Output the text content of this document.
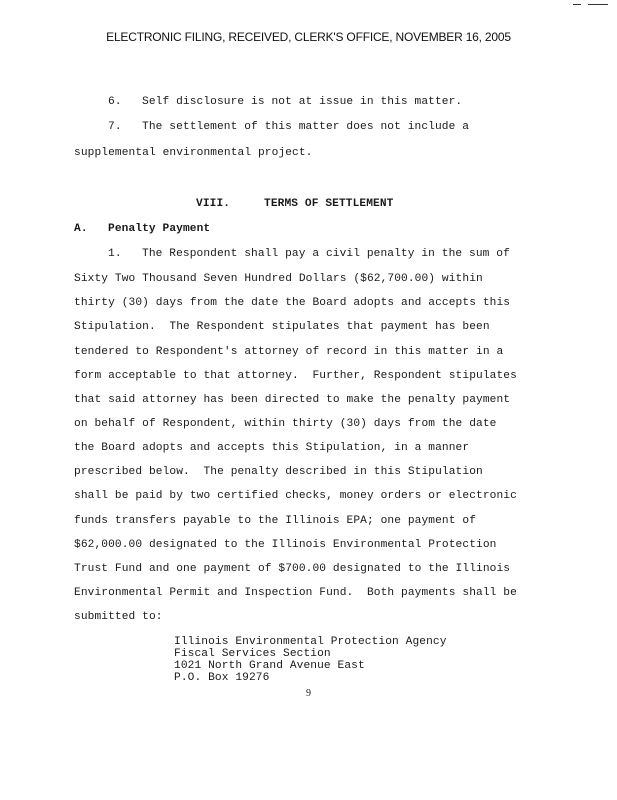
ELECTRONIC FILING, RECEIVED, CLERK'S OFFICE, NOVEMBER 16, 2005
6. Self disclosure is not at issue in this matter.
7. The settlement of this matter does not include a
supplemental environmental project.
VIII.	TERMS OF SETTLEMENT
A. Penalty Payment
1. The Respondent shall pay a civil penalty in the sum of
Sixty Two Thousand Seven Hundred Dollars ($62,700.00) within
thirty (30) days from the date the Board adopts and accepts this
Stipulation.  The Respondent stipulates that payment has been
tendered to Respondent's attorney of record in this matter in a
form acceptable to that attorney.  Further, Respondent stipulates
that said attorney has been directed to make the penalty payment
on behalf of Respondent, within thirty (30) days from the date
the Board adopts and accepts this Stipulation, in a manner
prescribed below.  The penalty described in this Stipulation
shall be paid by two certified checks, money orders or electronic
funds transfers payable to the Illinois EPA; one payment of
$62,000.00 designated to the Illinois Environmental Protection
Trust Fund and one payment of $700.00 designated to the Illinois
Environmental Permit and Inspection Fund.  Both payments shall be
submitted to:
Illinois Environmental Protection Agency
Fiscal Services Section
1021 North Grand Avenue East
P.O. Box 19276
9
